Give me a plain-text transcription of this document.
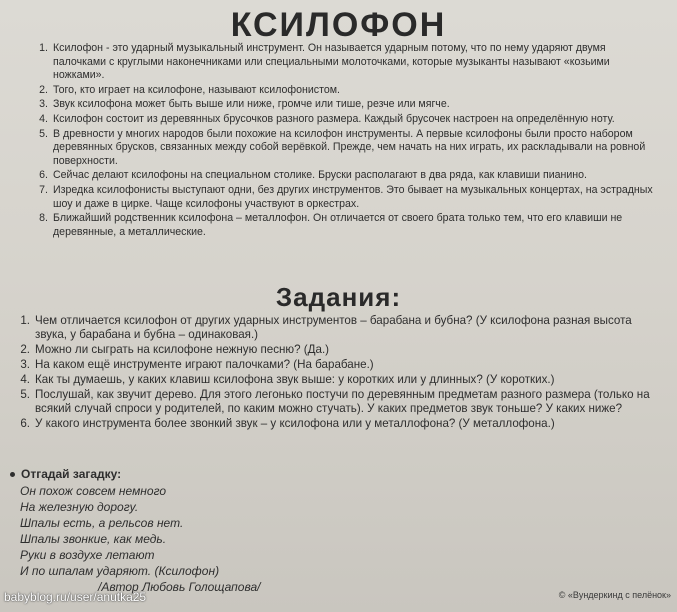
КСИЛОФОН
1. Ксилофон - это ударный музыкальный инструмент. Он называется ударным потому, что по нему ударяют двумя палочками с круглыми наконечниками или специальными молоточками, которые музыканты называют «козьими ножками».
2. Того, кто играет на ксилофоне, называют ксилофонистом.
3. Звук ксилофона может быть выше или ниже, громче или тише, резче или мягче.
4. Ксилофон состоит из деревянных брусочков разного размера. Каждый брусочек настроен на определённую ноту.
5. В древности у многих народов были похожие на ксилофон инструменты. А первые ксилофоны были просто набором деревянных брусков, связанных между собой верёвкой. Прежде, чем начать на них играть, их раскладывали на ровной поверхности.
6. Сейчас делают ксилофоны на специальном столике. Бруски располагают в два ряда, как клавиши пианино.
7. Изредка ксилофонисты выступают одни, без других инструментов. Это бывает на музыкальных концертах, на эстрадных шоу и даже в цирке. Чаще ксилофоны участвуют в оркестрах.
8. Ближайший родственник ксилофона – металлофон. Он отличается от своего брата только тем, что его клавиши не деревянные, а металлические.
Задания:
1. Чем отличается ксилофон от других ударных инструментов – барабана и бубна? (У ксилофона разная высота звука, у барабана и бубна – одинаковая.)
2. Можно ли сыграть на ксилофоне нежную песню? (Да.)
3. На каком ещё инструменте играют палочками? (На барабане.)
4. Как ты думаешь, у каких клавиш ксилофона звук выше: у коротких или у длинных? (У коротких.)
5. Послушай, как звучит дерево. Для этого легонько постучи по деревянным предметам разного размера (только на всякий случай спроси у родителей, по каким можно стучать). У каких предметов звук тоньше? У каких ниже?
6. У какого инструмента более звонкий звук – у ксилофона или у металлофона? (У металлофона.)
Отгадай загадку:
Он похож совсем немного
На железную дорогу.
Шпалы есть, а рельсов нет.
Шпалы звонкие, как медь.
Руки в воздухе летают
И по шпалам ударяют. (Ксилофон)
/Автор Любовь Голощапова/
© «Вундеркинд с пелёнок»
babyblog.ru/user/anutka25
